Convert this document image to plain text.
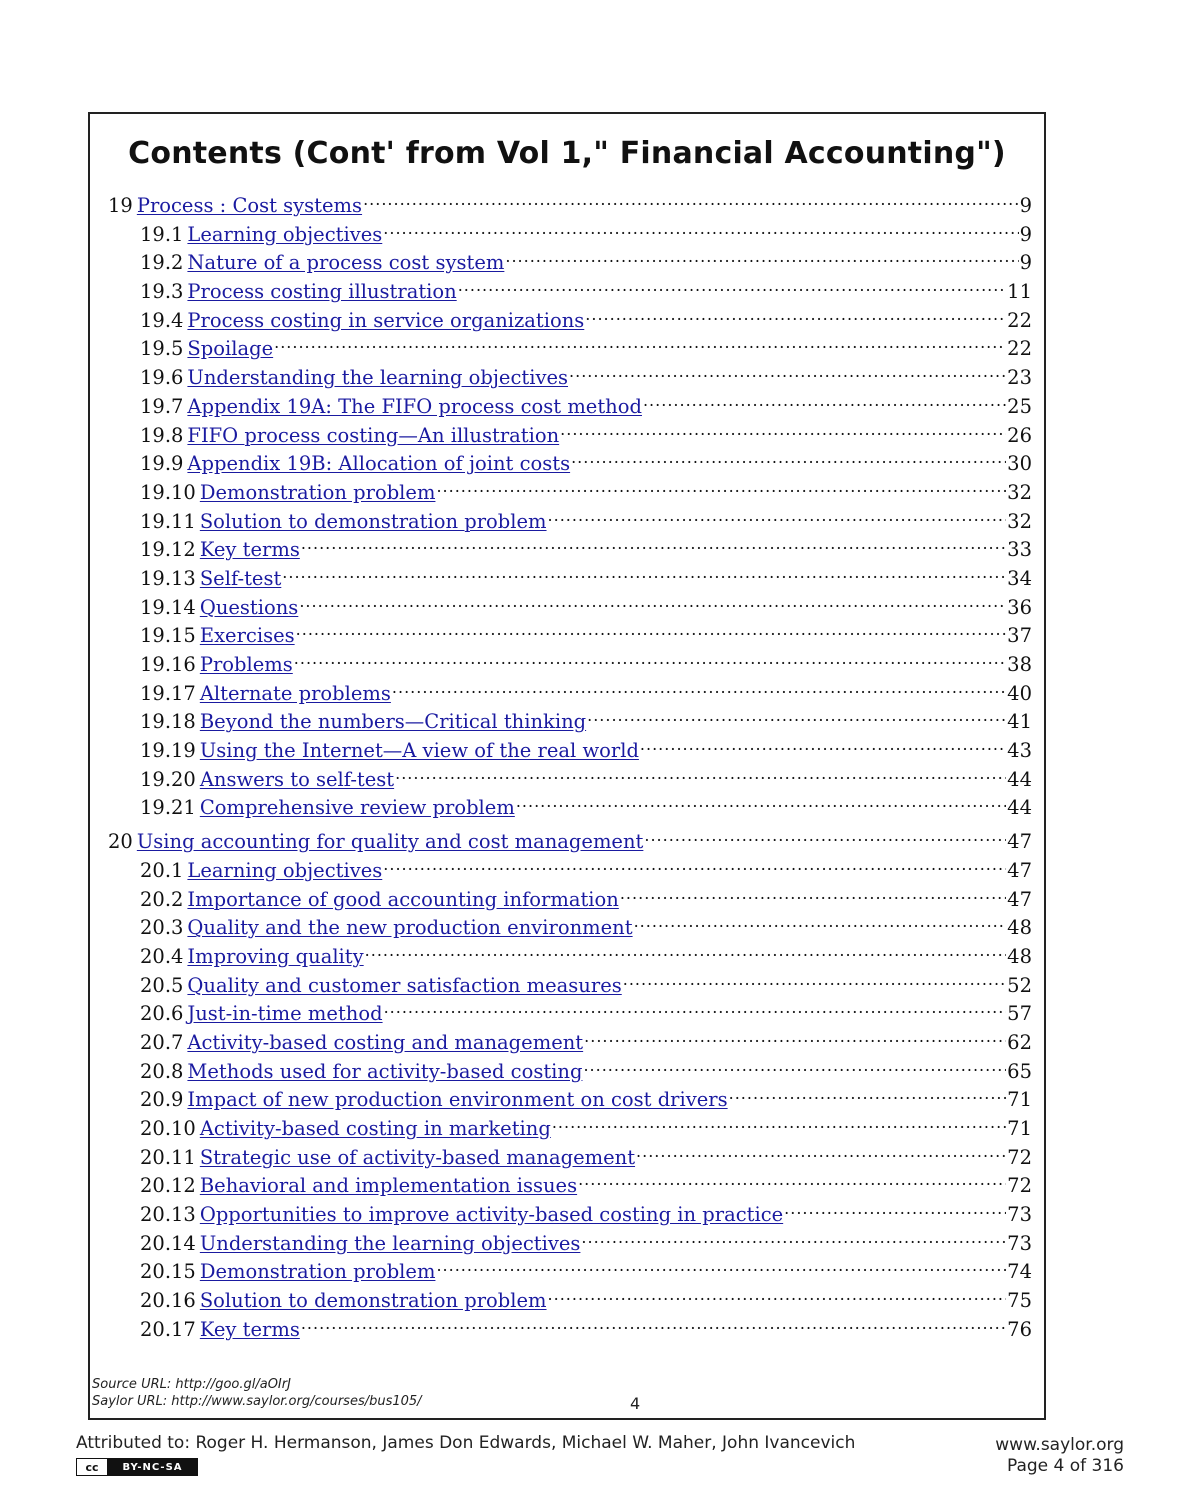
Contents (Cont' from Vol 1," Financial Accounting")
19 Process : Cost systems .....	9
19.1 Learning objectives .....	9
19.2 Nature of a process cost system .....	9
19.3 Process costing illustration .....	11
19.4 Process costing in service organizations .....	22
19.5 Spoilage .....	22
19.6 Understanding the learning objectives .....	23
19.7 Appendix 19A: The FIFO process cost method .....	25
19.8 FIFO process costing—An illustration .....	26
19.9 Appendix 19B: Allocation of joint costs .....	30
19.10 Demonstration problem .....	32
19.11 Solution to demonstration problem .....	32
19.12 Key terms .....	33
19.13 Self-test .....	34
19.14 Questions .....	36
19.15 Exercises .....	37
19.16 Problems .....	38
19.17 Alternate problems .....	40
19.18 Beyond the numbers—Critical thinking .....	41
19.19 Using the Internet—A view of the real world .....	43
19.20 Answers to self-test .....	44
19.21 Comprehensive review problem .....	44
20 Using accounting for quality and cost management .....	47
20.1 Learning objectives .....	47
20.2 Importance of good accounting information .....	47
20.3 Quality and the new production environment .....	48
20.4 Improving quality .....	48
20.5 Quality and customer satisfaction measures .....	52
20.6 Just-in-time method .....	57
20.7 Activity-based costing and management .....	62
20.8 Methods used for activity-based costing .....	65
20.9 Impact of new production environment on cost drivers .....	71
20.10 Activity-based costing in marketing .....	71
20.11 Strategic use of activity-based management .....	72
20.12 Behavioral and implementation issues .....	72
20.13 Opportunities to improve activity-based costing in practice .....	73
20.14 Understanding the learning objectives .....	73
20.15 Demonstration problem .....	74
20.16 Solution to demonstration problem .....	75
20.17 Key terms .....	76
Source URL: http://goo.gl/aOIrJ
Saylor URL: http://www.saylor.org/courses/bus105/	4
Attributed to: Roger H. Hermanson, James Don Edwards, Michael W. Maher, John Ivancevich
cc	BY-NC-SA
www.saylor.org
Page 4 of 316
